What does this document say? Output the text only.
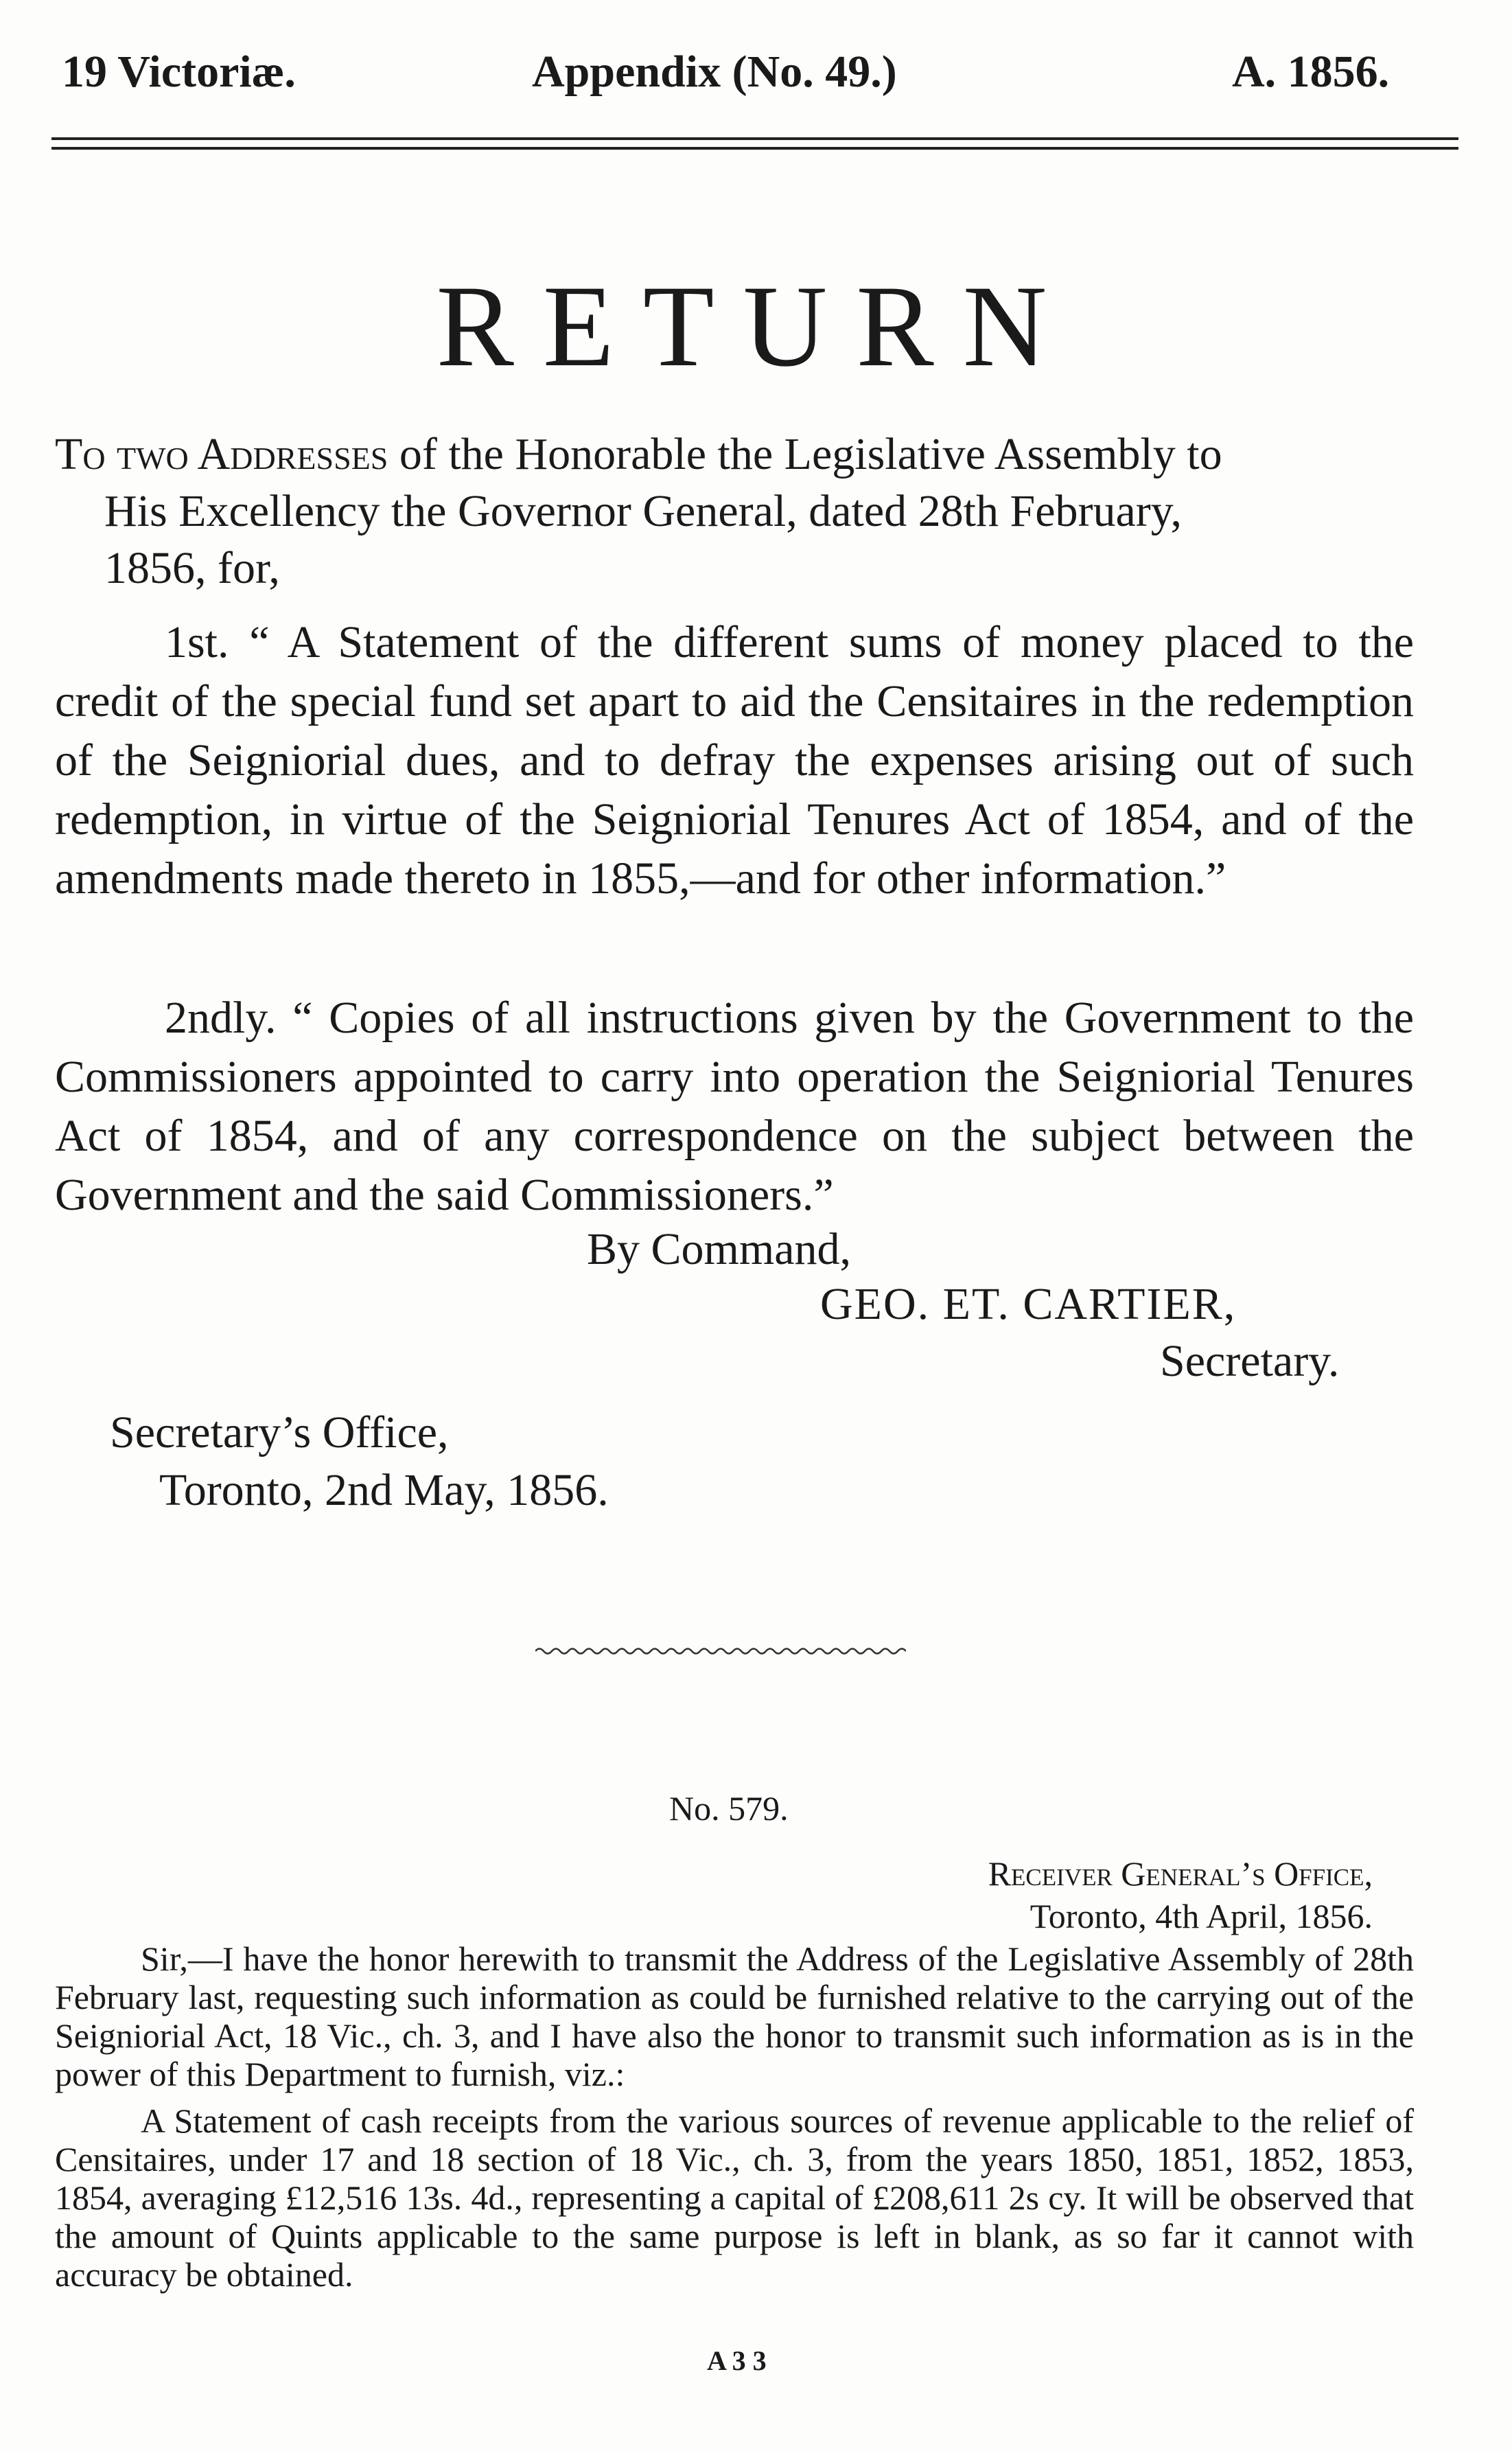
19 Victoriæ.	Appendix (No. 49.)	A. 1856.
RETURN
To two Addresses of the Honorable the Legislative Assembly to
His Excellency the Governor General, dated 28th February,
1856, for,
1st. “ A Statement of the different sums of money placed to the credit of the special fund set apart to aid the Censitaires in the redemption of the Seigniorial dues, and to defray the expenses arising out of such redemption, in virtue of the Seigniorial Tenures Act of 1854, and of the amendments made thereto in 1855,—and for other information.”
2ndly. “ Copies of all instructions given by the Government to the Commissioners appointed to carry into operation the Seigniorial Tenures Act of 1854, and of any correspondence on the subject between the Government and the said Commissioners.”
By Command,
GEO. ET. CARTIER,
Secretary.
Secretary’s Office,
Toronto, 2nd May, 1856.
No. 579.
Receiver General’s Office,
Toronto, 4th April, 1856.
Sir,—I have the honor herewith to transmit the Address of the Legislative Assembly of 28th February last, requesting such information as could be furnished relative to the carrying out of the Seigniorial Act, 18 Vic., ch. 3, and I have also the honor to transmit such information as is in the power of this Department to furnish, viz.:
A Statement of cash receipts from the various sources of revenue applicable to the relief of Censitaires, under 17 and 18 section of 18 Vic., ch. 3, from the years 1850, 1851, 1852, 1853, 1854, averaging £12,516 13s. 4d., representing a capital of £208,611 2s cy. It will be observed that the amount of Quints applicable to the same purpose is left in blank, as so far it cannot with accuracy be obtained.
A 3 3
